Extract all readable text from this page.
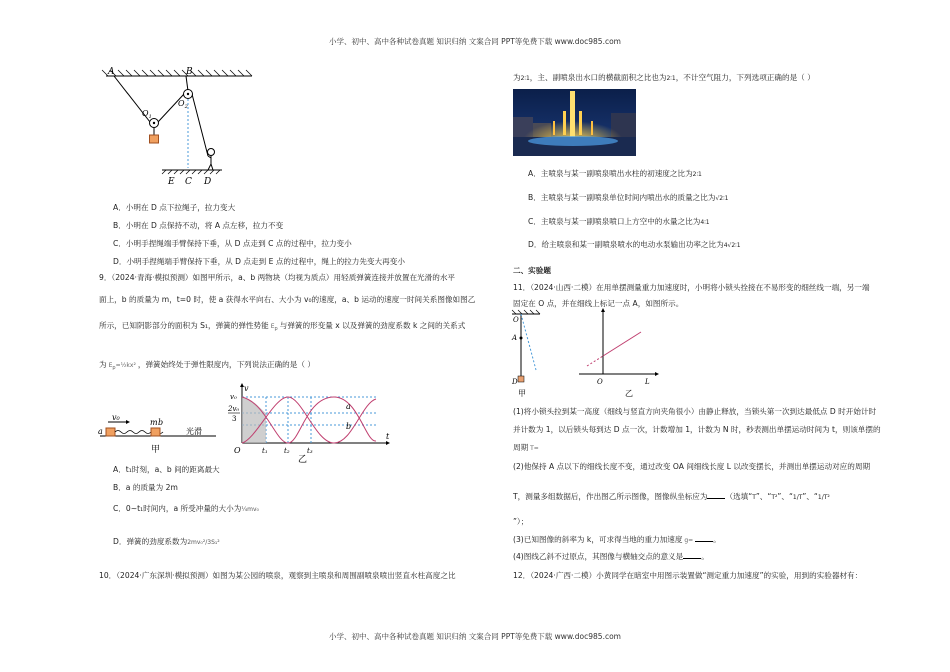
小学、初中、高中各种试卷真题 知识归纳 文案合同 PPT等免费下载 www.doc985.com
A	B
$O_1$
$O_2$
E C D
A．小明在 D 点下拉绳子，拉力变大
B．小明在 D 点保持不动，将 A 点左移，拉力不变
C．小明手捏绳端手臂保持下垂，从 D 点走到 C 点的过程中，拉力变小
D．小明手捏绳端手臂保持下垂，从 D 点走到 E 点的过程中，绳上的拉力先变大再变小
9．（2024·青海·模拟预测）如图甲所示，a、b 两物块（均视为质点）用轻质弹簧连接并放置在光滑的水平
面上，b 的质量为 m，t=0 时，使 a 获得水平向右、大小为 v₀的速度，a、b 运动的速度一时间关系图像如图乙
所示，已知阴影部分的面积为 S₁，弹簧的弹性势能 $E_p$ 与弹簧的形变量 x 以及弹簧的劲度系数 k 之间的关系式
为 $E_p=\frac{1}{2}kx^2$ ，弹簧始终处于弹性限度内，下列说法正确的是（ ）
v₀
a
m b
光滑
甲
v
v₀
2v₀
3
O	t₁ t₂ t₃
t
a
b
乙
A．t₁时刻，a、b 间的距离最大
B．a 的质量为 2m
C．0~t₁时间内，a 所受冲量的大小为¼mv₀
D．弹簧的劲度系数为2mv₀²/3S₁²
10．（2024·广东深圳·模拟预测）如图为某公园的喷泉，观察到主喷泉和周围副喷泉喷出竖直水柱高度之比
为2∶1，主、副喷泉出水口的横截面积之比也为2∶1，不计空气阻力，下列选项正确的是（ ）
A．主喷泉与某一副喷泉喷出水柱的初速度之比为2∶1
B．主喷泉与某一副喷泉单位时间内喷出水的质量之比为√2∶1
C．主喷泉与某一副喷泉喷口上方空中的水量之比为4∶1
D．给主喷泉和某一副喷泉喷水的电动水泵输出功率之比为4√2∶1
二、实验题
11．（2024·山西·二模）在用单摆测量重力加速度时，小明将小锁头拴接在不易形变的细丝线一端，另一端
固定在 O 点，并在细线上标记一点 A，如图所示。
O
A
D
甲
O	L
乙
(1)将小锁头拉到某一高度（细线与竖直方向夹角很小）由静止释放，当锁头第一次到达最低点 D 时开始计时
并计数为 1，以后锁头每到达 D 点一次，计数增加 1，计数为 N 时，秒表测出单摆运动时间为 t，则该单摆的
周期 T=
(2)他保持 A 点以下的细线长度不变，通过改变 OA 间细线长度 L 以改变摆长，并测出单摆运动对应的周期
T，测量多组数据后，作出图乙所示图像，图像纵坐标应为 （选填“T”、“T²”、“1/T”、“1/T²
”）；
(3)已知图像的斜率为 k，可求得当地的重力加速度 g= 。
(4)图线乙斜不过原点，其图像与横轴交点的意义是 。
12．（2024·广西·二模）小黄同学在暗室中用图示装置做“测定重力加速度”的实验，用到的实验器材有：
小学、初中、高中各种试卷真题 知识归纳 文案合同 PPT等免费下载 www.doc985.com
